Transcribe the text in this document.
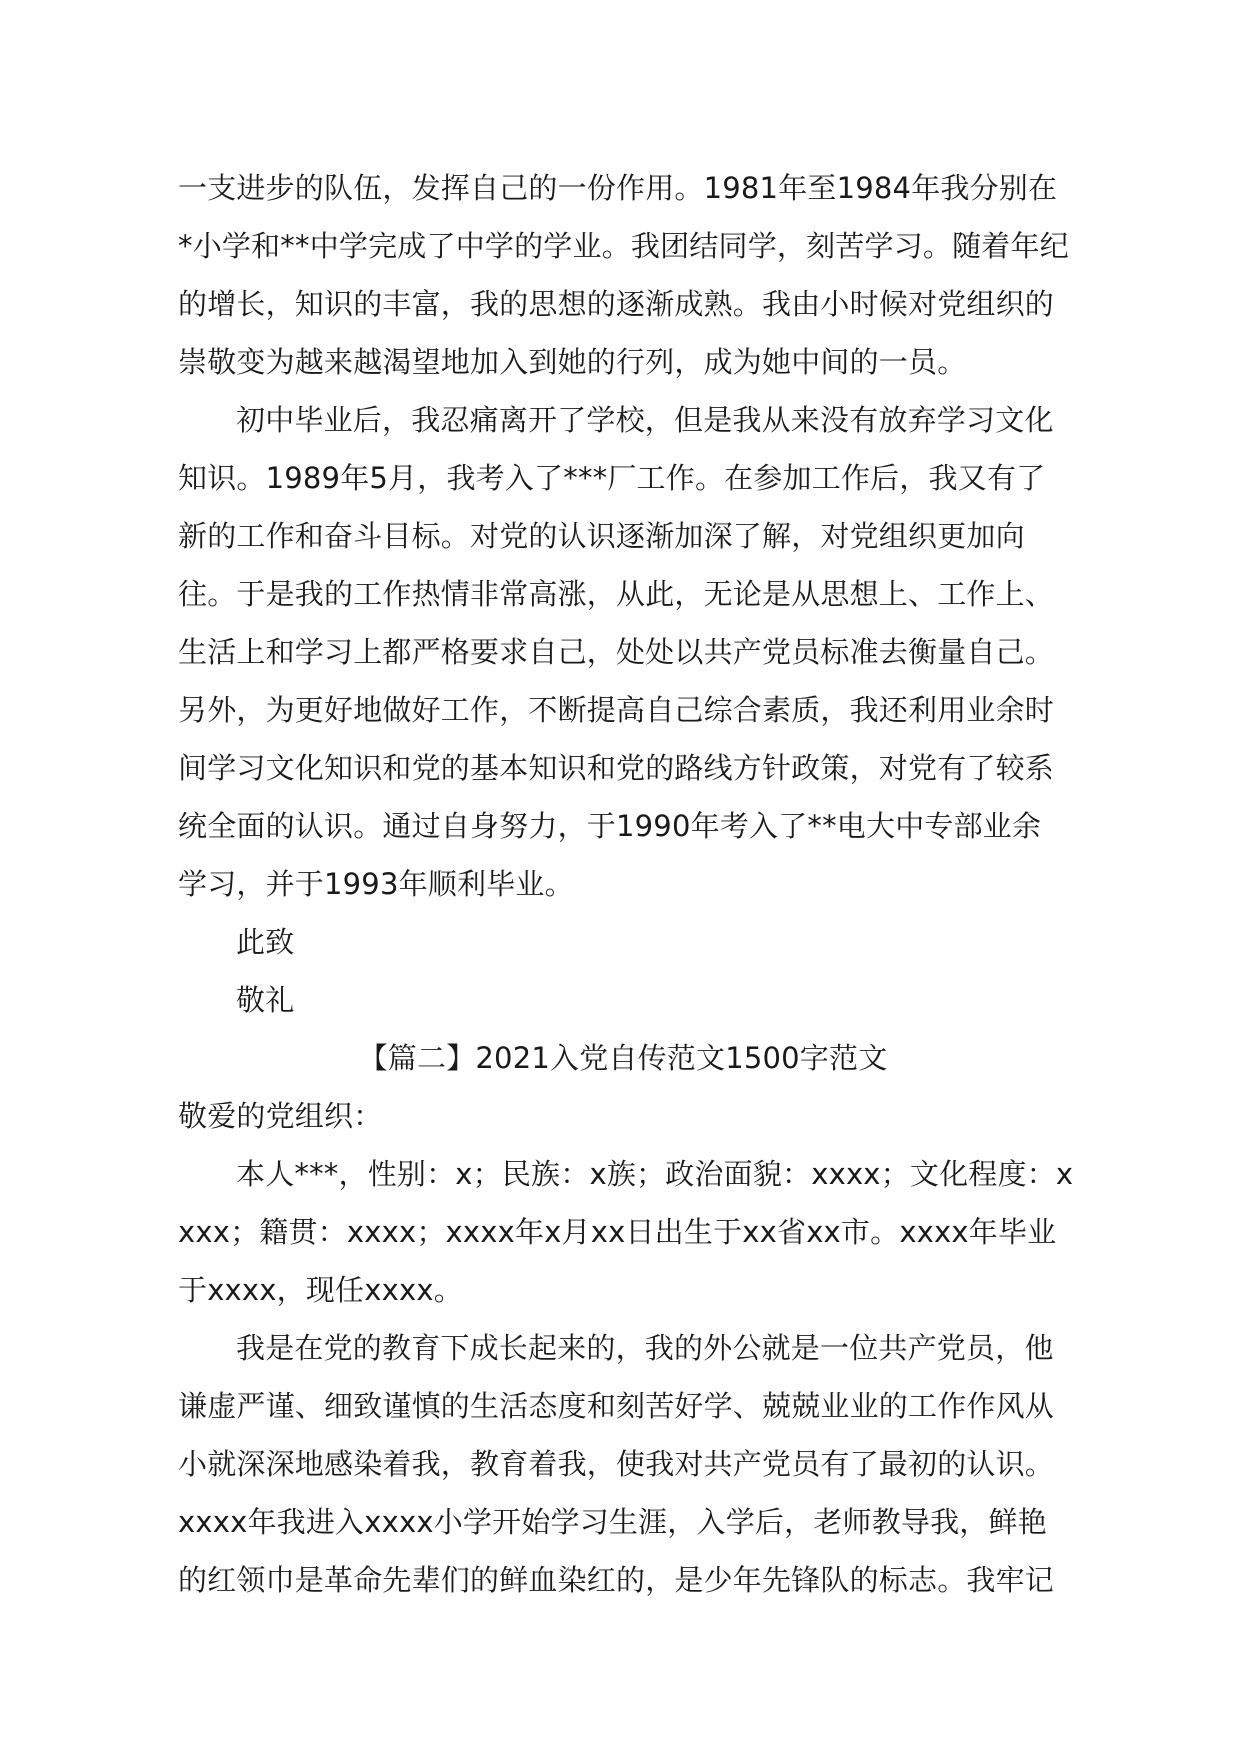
一支进步的队伍，发挥自己的一份作用。1981年至1984年我分别在
*小学和**中学完成了中学的学业。我团结同学，刻苦学习。随着年纪
的增长，知识的丰富，我的思想的逐渐成熟。我由小时候对党组织的
崇敬变为越来越渴望地加入到她的行列，成为她中间的一员。
初中毕业后，我忍痛离开了学校，但是我从来没有放弃学习文化
知识。1989年5月，我考入了***厂工作。在参加工作后，我又有了
新的工作和奋斗目标。对党的认识逐渐加深了解，对党组织更加向
往。于是我的工作热情非常高涨，从此，无论是从思想上、工作上、
生活上和学习上都严格要求自己，处处以共产党员标准去衡量自己。
另外，为更好地做好工作，不断提高自己综合素质，我还利用业余时
间学习文化知识和党的基本知识和党的路线方针政策，对党有了较系
统全面的认识。通过自身努力，于1990年考入了**电大中专部业余
学习，并于1993年顺利毕业。
此致
敬礼
【篇二】2021入党自传范文1500字范文
敬爱的党组织：
本人***，性别：x；民族：x族；政治面貌：xxxx；文化程度：x
xxx；籍贯：xxxx；xxxx年x月xx日出生于xx省xx市。xxxx年毕业
于xxxx，现任xxxx。
我是在党的教育下成长起来的，我的外公就是一位共产党员，他
谦虚严谨、细致谨慎的生活态度和刻苦好学、兢兢业业的工作作风从
小就深深地感染着我，教育着我，使我对共产党员有了最初的认识。
xxxx年我进入xxxx小学开始学习生涯，入学后，老师教导我，鲜艳
的红领巾是革命先辈们的鲜血染红的，是少年先锋队的标志。我牢记
